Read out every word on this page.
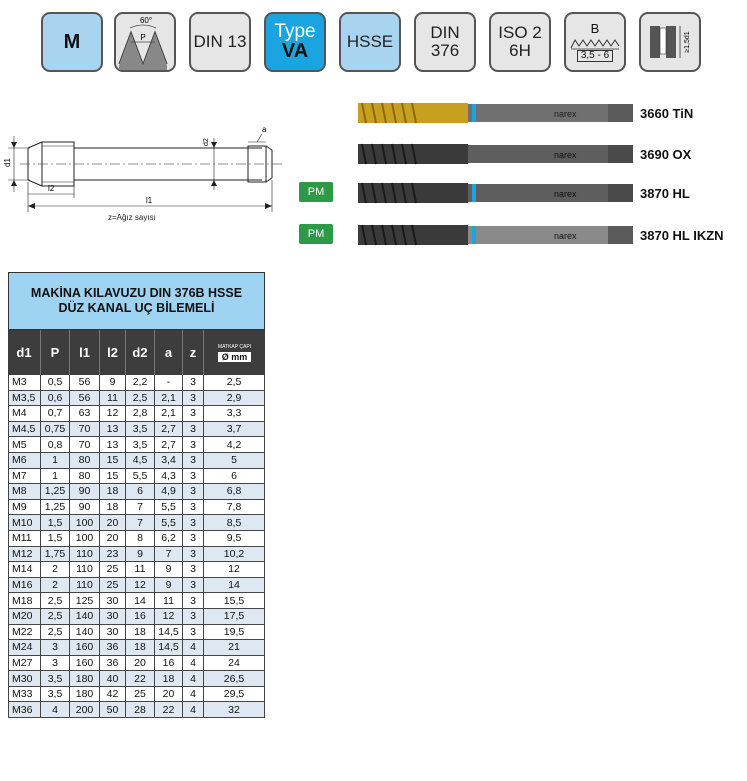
M
60°
P	DIN 13
Type
VA HSSE DIN
376
ISO 2
6H
B
3,5 - 6
≥1,5d1
d1
l2
l1
d2
a
z=Ağız sayısı
narex	3660 TiN
narex	3690 OX
PM	narex	3870 HL
PM	narex	3870 HL IKZN
MAKİNA KILAVUZU DIN 376B HSSE
DÜZ KANAL UÇ BİLEMELİ
d1	P	l1	l2	d2	a	z	MATKAP ÇAPI
Ø mm
M3	0,5	56	9	2,2	-	3	2,5
M3,5	0,6	56	11	2,5	2,1	3	2,9
M4	0,7	63	12	2,8	2,1	3	3,3
M4,5 0,75	70	13	3,5	2,7	3	3,7
M5	0,8	70	13	3,5	2,7	3	4,2
M6	1	80	15	4,5	3,4	3	5
M7	1	80	15	5,5	4,3	3	6
M8	1,25	90	18	6	4,9	3	6,8
M9	1,25	90	18	7	5,5	3	7,8
M10	1,5	100	20	7	5,5	3	8,5
M11	1,5	100	20	8	6,2	3	9,5
M12	1,75	110	23	9	7	3	10,2
M14	2	110	25	11	9	3	12
M16	2	110	25	12	9	3	14
M18	2,5	125	30	14	11	3	15,5
M20	2,5	140	30	16	12	3	17,5
M22	2,5	140	30	18	14,5	3	19,5
M24	3	160	36	18	14,5	4	21
M27	3	160	36	20	16	4	24
M30	3,5	180	40	22	18	4	26,5
M33	3,5	180	42	25	20	4	29,5
M36	4	200	50	28	22	4	32
